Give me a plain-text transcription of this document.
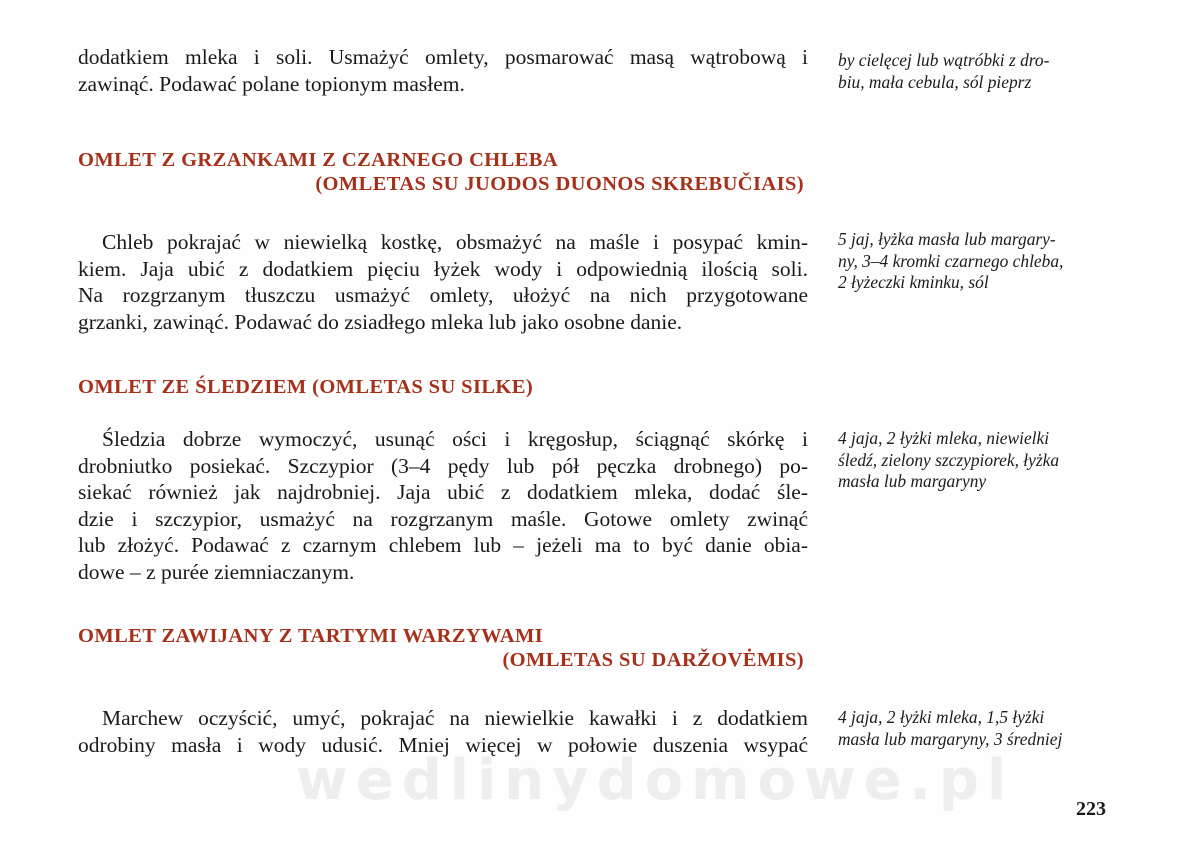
dodatkiem mleka i soli. Usmażyć omlety, posmarować masą wątrobową i
zawinąć. Podawać polane topionym masłem.

by cielęcej lub wątróbki z dro-
biu, mała cebula, sól pieprz
OMLET Z GRZANKAMI Z CZARNEGO CHLEBA
(OMLETAS SU JUODOS DUONOS SKREBUČIAIS)

Chleb pokrajać w niewielką kostkę, obsmażyć na maśle i posypać kmin-
kiem. Jaja ubić z dodatkiem pięciu łyżek wody i odpowiednią ilością soli.
Na rozgrzanym tłuszczu usmażyć omlety, ułożyć na nich przygotowane
grzanki, zawinąć. Podawać do zsiadłego mleka lub jako osobne danie.

5 jaj, łyżka masła lub margary-
ny, 3–4 kromki czarnego chleba,
2 łyżeczki kminku, sól
OMLET ZE ŚLEDZIEM (OMLETAS SU SILKE)

Śledzia dobrze wymoczyć, usunąć ości i kręgosłup, ściągnąć skórkę i
drobniutko posiekać. Szczypior (3–4 pędy lub pół pęczka drobnego) po-
siekać również jak najdrobniej. Jaja ubić z dodatkiem mleka, dodać śle-
dzie i szczypior, usmażyć na rozgrzanym maśle. Gotowe omlety zwinąć
lub złożyć. Podawać z czarnym chlebem lub – jeżeli ma to być danie obia-
dowe – z purée ziemniaczanym.

4 jaja, 2 łyżki mleka, niewielki
śledź, zielony szczypiorek, łyżka
masła lub margaryny
OMLET ZAWIJANY Z TARTYMI WARZYWAMI
(OMLETAS SU DARŽOVĖMIS)

Marchew oczyścić, umyć, pokrajać na niewielkie kawałki i z dodatkiem
odrobiny masła i wody udusić. Mniej więcej w połowie duszenia wsypać

4 jaja, 2 łyżki mleka, 1,5 łyżki
masła lub margaryny, 3 średniej
wedlinydomowe.pl	223
